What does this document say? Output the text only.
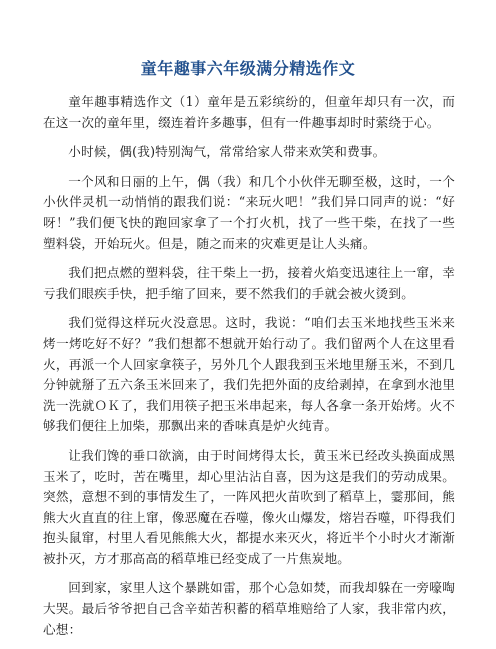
童年趣事六年级满分精选作文

童年趣事精选作文（1）童年是五彩缤纷的，但童年却只有一次，而在这一次的童年里，缀连着许多趣事，但有一件趣事却时时萦绕于心。

小时候，偶(我)特别淘气，常常给家人带来欢笑和费事。

一个风和日丽的上午，偶（我）和几个小伙伴无聊至极，这时，一个小伙伴灵机一动悄悄的跟我们说：“来玩火吧！”我们异口同声的说：“好呀！”我们便飞快的跑回家拿了一个打火机，找了一些干柴，在找了一些塑料袋，开始玩火。但是，随之而来的灾难更是让人头痛。

我们把点燃的塑料袋，往干柴上一扔，接着火焰变迅速往上一窜，幸亏我们眼疾手快，把手缩了回来，要不然我们的手就会被火烫到。

我们觉得这样玩火没意思。这时，我说：“咱们去玉米地找些玉米来烤一烤吃好不好？”我们想都不想就开始行动了。我们留两个人在这里看火，再派一个人回家拿筷子，另外几个人跟我到玉米地里掰玉米，不到几分钟就掰了五六条玉米回来了，我们先把外面的皮给剥掉，在拿到水池里洗一洗就ＯＫ了，我们用筷子把玉米串起来，每人各拿一条开始烤。火不够我们便往上加柴，那飘出来的香味真是炉火纯青。

让我们馋的垂口欲滴，由于时间烤得太长，黄玉米已经改头换面成黑玉米了，吃时，苦在嘴里，却心里沾沾自喜，因为这是我们的劳动成果。突然，意想不到的事情发生了，一阵风把火苗吹到了稻草上，霎那间，熊熊大火直直的往上窜，像恶魔在吞噬，像火山爆发，熔岩吞噬，吓得我们抱头鼠窜，村里人看见熊熊大火，都提水来灭火，将近半个小时火才渐渐被扑灭，方才那高高的稻草堆已经变成了一片焦炭地。

回到家，家里人这个暴跳如雷，那个心急如焚，而我却躲在一旁嚎啕大哭。最后爷爷把自己含辛茹苦积蓄的稻草堆赔给了人家，我非常内疚，心想：
